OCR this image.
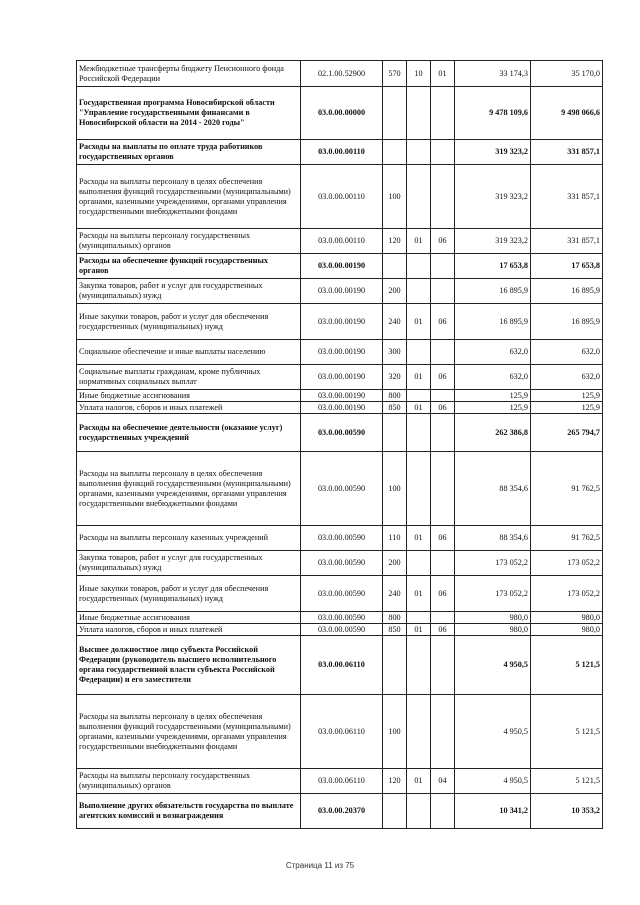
Межбюджетные трансферты бюджету Пенсионного фонда Российской Федерации	02.1.00.52900	570	10	01	33 174,3	35 170,0
Государственная программа Новосибирской области "Управление государственными финансами в Новосибирской области на 2014 - 2020 годы"	03.0.00.00000				9 478 109,6	9 498 066,6
Расходы на выплаты по оплате труда работников государственных органов	03.0.00.00110				319 323,2	331 857,1
Расходы на выплаты персоналу в целях обеспечения выполнения функций государственными (муниципальными) органами, казенными учреждениями, органами управления государственными внебюджетными фондами	03.0.00.00110	100			319 323,2	331 857,1
Расходы на выплаты персоналу государственных (муниципальных) органов	03.0.00.00110	120	01	06	319 323,2	331 857,1
Расходы на обеспечение функций государственных органов	03.0.00.00190				17 653,8	17 653,8
Закупка товаров, работ и услуг для государственных (муниципальных) нужд	03.0.00.00190	200			16 895,9	16 895,9
Иные закупки товаров, работ и услуг для обеспечения государственных (муниципальных) нужд	03.0.00.00190	240	01	06	16 895,9	16 895,9
Социальное обеспечение и иные выплаты населению	03.0.00.00190	300			632,0	632,0
Социальные выплаты гражданам, кроме публичных нормативных социальных выплат	03.0.00.00190	320	01	06	632,0	632,0
Иные бюджетные ассигнования	03.0.00.00190	800			125,9	125,9
Уплата налогов, сборов и иных платежей	03.0.00.00190	850	01	06	125,9	125,9
Расходы на обеспечение деятельности (оказание услуг) государственных учреждений	03.0.00.00590				262 386,8	265 794,7
Расходы на выплаты персоналу в целях обеспечения выполнения функций государственными (муниципальными) органами, казенными учреждениями, органами управления государственными внебюджетными фондами	03.0.00.00590	100			88 354,6	91 762,5
Расходы на выплаты персоналу казенных учреждений	03.0.00.00590	110	01	06	88 354,6	91 762,5
Закупка товаров, работ и услуг для государственных (муниципальных) нужд	03.0.00.00590	200			173 052,2	173 052,2
Иные закупки товаров, работ и услуг для обеспечения государственных (муниципальных) нужд	03.0.00.00590	240	01	06	173 052,2	173 052,2
Иные бюджетные ассигнования	03.0.00.00590	800			980,0	980,0
Уплата налогов, сборов и иных платежей	03.0.00.00590	850	01	06	980,0	980,0
Высшее должностное лицо субъекта Российской Федерации (руководитель высшего исполнительного органа государственной власти субъекта Российской Федерации) и его заместители	03.0.00.06110				4 950,5	5 121,5
Расходы на выплаты персоналу в целях обеспечения выполнения функций государственными (муниципальными) органами, казенными учреждениями, органами управления государственными внебюджетными фондами	03.0.00.06110	100			4 950,5	5 121,5
Расходы на выплаты персоналу государственных (муниципальных) органов	03.0.00.06110	120	01	04	4 950,5	5 121,5
Выполнение других обязательств государства по выплате агентских комиссий и вознаграждения	03.0.00.20370				10 341,2	10 353,2
Страница 11 из 75
